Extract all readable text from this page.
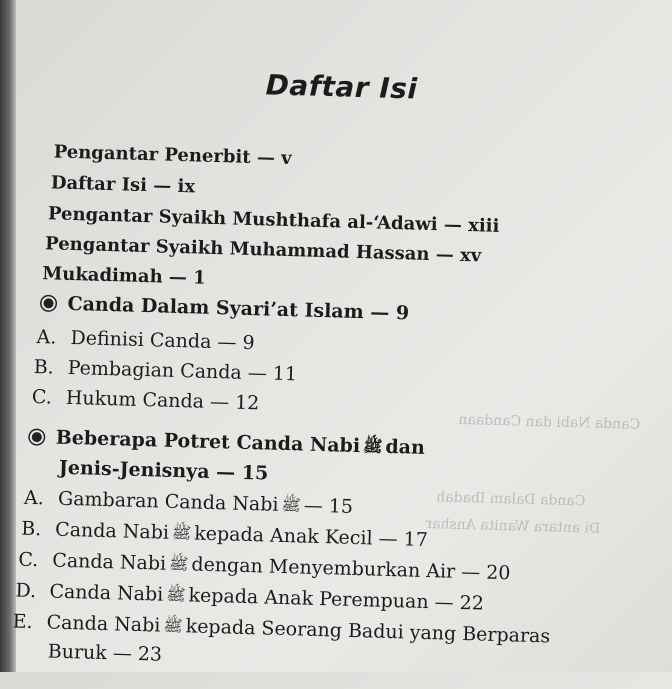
Canda Nabi dan Candaan
Canda Dalam Ibadah
Di antara Wanita Anshar
Daftar Isi
Pengantar Penerbit — v
Daftar Isi — ix
Pengantar Syaikh Mushthafa al-‘Adawi — xiii
Pengantar Syaikh Muhammad Hassan — xv
Mukadimah — 1
Canda Dalam Syari’at Islam — 9
A. Definisi Canda — 9
B. Pembagian Canda — 11
C. Hukum Canda — 12
Beberapa Potret Canda Nabi ﷺ dan
Jenis-Jenisnya — 15
A. Gambaran Canda Nabi ﷺ — 15
B. Canda Nabi ﷺ kepada Anak Kecil — 17
C. Canda Nabi ﷺ dengan Menyemburkan Air — 20
D. Canda Nabi ﷺ kepada Anak Perempuan — 22
E. Canda Nabi ﷺ kepada Seorang Badui yang Berparas
Buruk — 23
